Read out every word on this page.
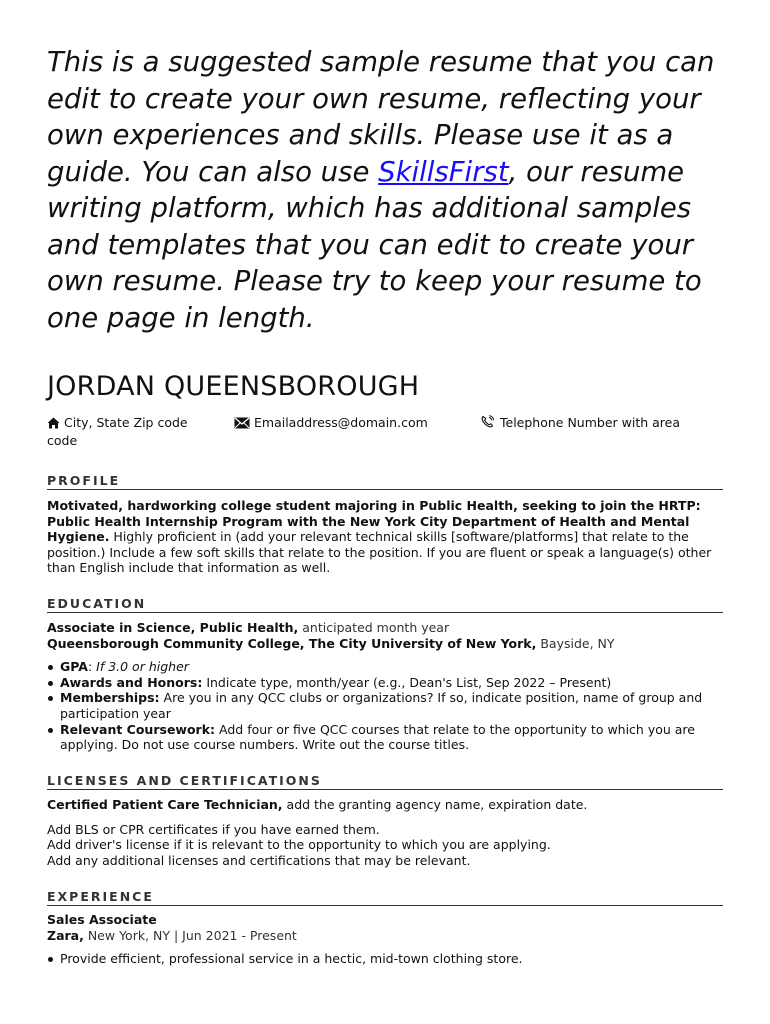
This is a suggested sample resume that you can edit to create your own resume, reflecting your own experiences and skills. Please use it as a guide. You can also use SkillsFirst, our resume writing platform, which has additional samples and templates that you can edit to create your own resume. Please try to keep your resume to one page in length.

JORDAN QUEENSBOROUGH
City, State Zip code code
Emailaddress@domain.com	Telephone Number with area
PROFILE

Motivated, hardworking college student majoring in Public Health, seeking to join the HRTP: Public Health Internship Program with the New York City Department of Health and Mental Hygiene. Highly proficient in (add your relevant technical skills [software/platforms] that relate to the position.) Include a few soft skills that relate to the position. If you are fluent or speak a language(s) other than English include that information as well.

EDUCATION

Associate in Science, Public Health, anticipated month year

Queensborough Community College, The City University of New York, Bayside, NY

GPA: If 3.0 or higher
Awards and Honors: Indicate type, month/year (e.g., Dean's List, Sep 2022 – Present)
Memberships: Are you in any QCC clubs or organizations? If so, indicate position, name of group and participation year
Relevant Coursework: Add four or five QCC courses that relate to the opportunity to which you are applying. Do not use course numbers. Write out the course titles.
LICENSES AND CERTIFICATIONS

Certified Patient Care Technician, add the granting agency name, expiration date.

Add BLS or CPR certificates if you have earned them.

Add driver's license if it is relevant to the opportunity to which you are applying.

Add any additional licenses and certifications that may be relevant.

EXPERIENCE

Sales Associate

Zara, New York, NY | Jun 2021 - Present

Provide efficient, professional service in a hectic, mid-town clothing store.
